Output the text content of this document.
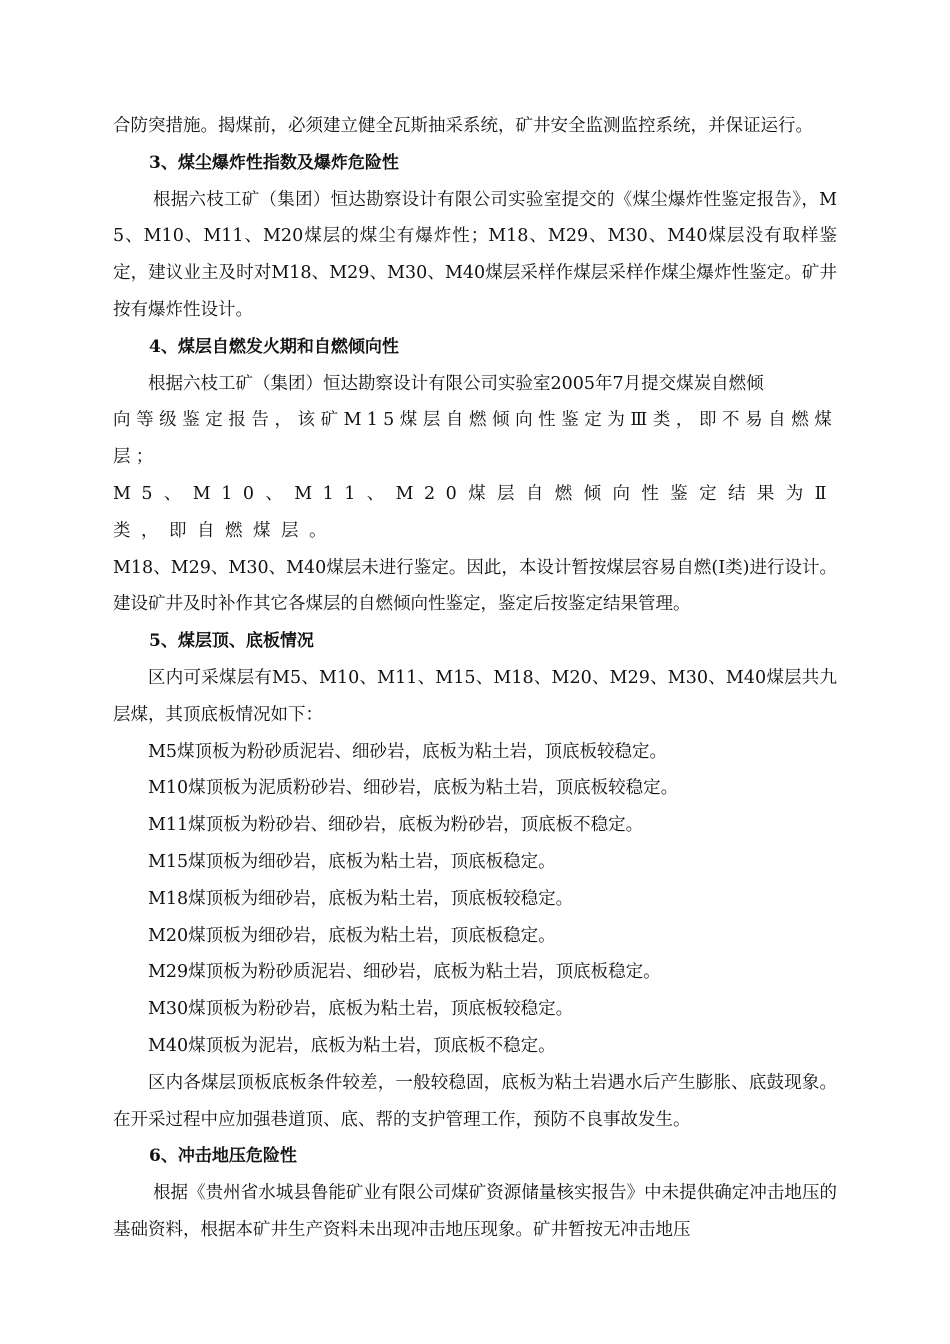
合防突措施。揭煤前，必须建立健全瓦斯抽采系统，矿井安全监测监控系统，并保证运行。

3、煤尘爆炸性指数及爆炸危险性

根据六枝工矿（集团）恒达勘察设计有限公司实验室提交的《煤尘爆炸性鉴定报告》，M5、M10、M11、M20煤层的煤尘有爆炸性；M18、M29、M30、M40煤层没有取样鉴定，建议业主及时对M18、M29、M30、M40煤层采样作煤层采样作煤尘爆炸性鉴定。矿井按有爆炸性设计。

4、煤层自燃发火期和自燃倾向性

根据六枝工矿（集团）恒达勘察设计有限公司实验室2005年7月提交煤炭自燃倾
向等级鉴定报告，该矿M15煤层自燃倾向性鉴定为Ⅲ类，即不易自燃煤层；
M5、M10、M11、M20煤层自燃倾向性鉴定结果为Ⅱ类，即自燃煤层。
M18、M29、M30、M40煤层未进行鉴定。因此，本设计暂按煤层容易自燃(I类)进行设计。建设矿井及时补作其它各煤层的自燃倾向性鉴定，鉴定后按鉴定结果管理。

5、煤层顶、底板情况

区内可采煤层有M5、M10、M11、M15、M18、M20、M29、M30、M40煤层共九层煤，其顶底板情况如下：

M5煤顶板为粉砂质泥岩、细砂岩，底板为粘土岩，顶底板较稳定。

M10煤顶板为泥质粉砂岩、细砂岩，底板为粘土岩，顶底板较稳定。

M11煤顶板为粉砂岩、细砂岩，底板为粉砂岩，顶底板不稳定。

M15煤顶板为细砂岩，底板为粘土岩，顶底板稳定。

M18煤顶板为细砂岩，底板为粘土岩，顶底板较稳定。

M20煤顶板为细砂岩，底板为粘土岩，顶底板稳定。

M29煤顶板为粉砂质泥岩、细砂岩，底板为粘土岩，顶底板稳定。

M30煤顶板为粉砂岩，底板为粘土岩，顶底板较稳定。

M40煤顶板为泥岩，底板为粘土岩，顶底板不稳定。

区内各煤层顶板底板条件较差，一般较稳固，底板为粘土岩遇水后产生膨胀、底鼓现象。在开采过程中应加强巷道顶、底、帮的支护管理工作，预防不良事故发生。

6、冲击地压危险性

根据《贵州省水城县鲁能矿业有限公司煤矿资源储量核实报告》中未提供确定冲击地压的基础资料，根据本矿井生产资料未出现冲击地压现象。矿井暂按无冲击地压
